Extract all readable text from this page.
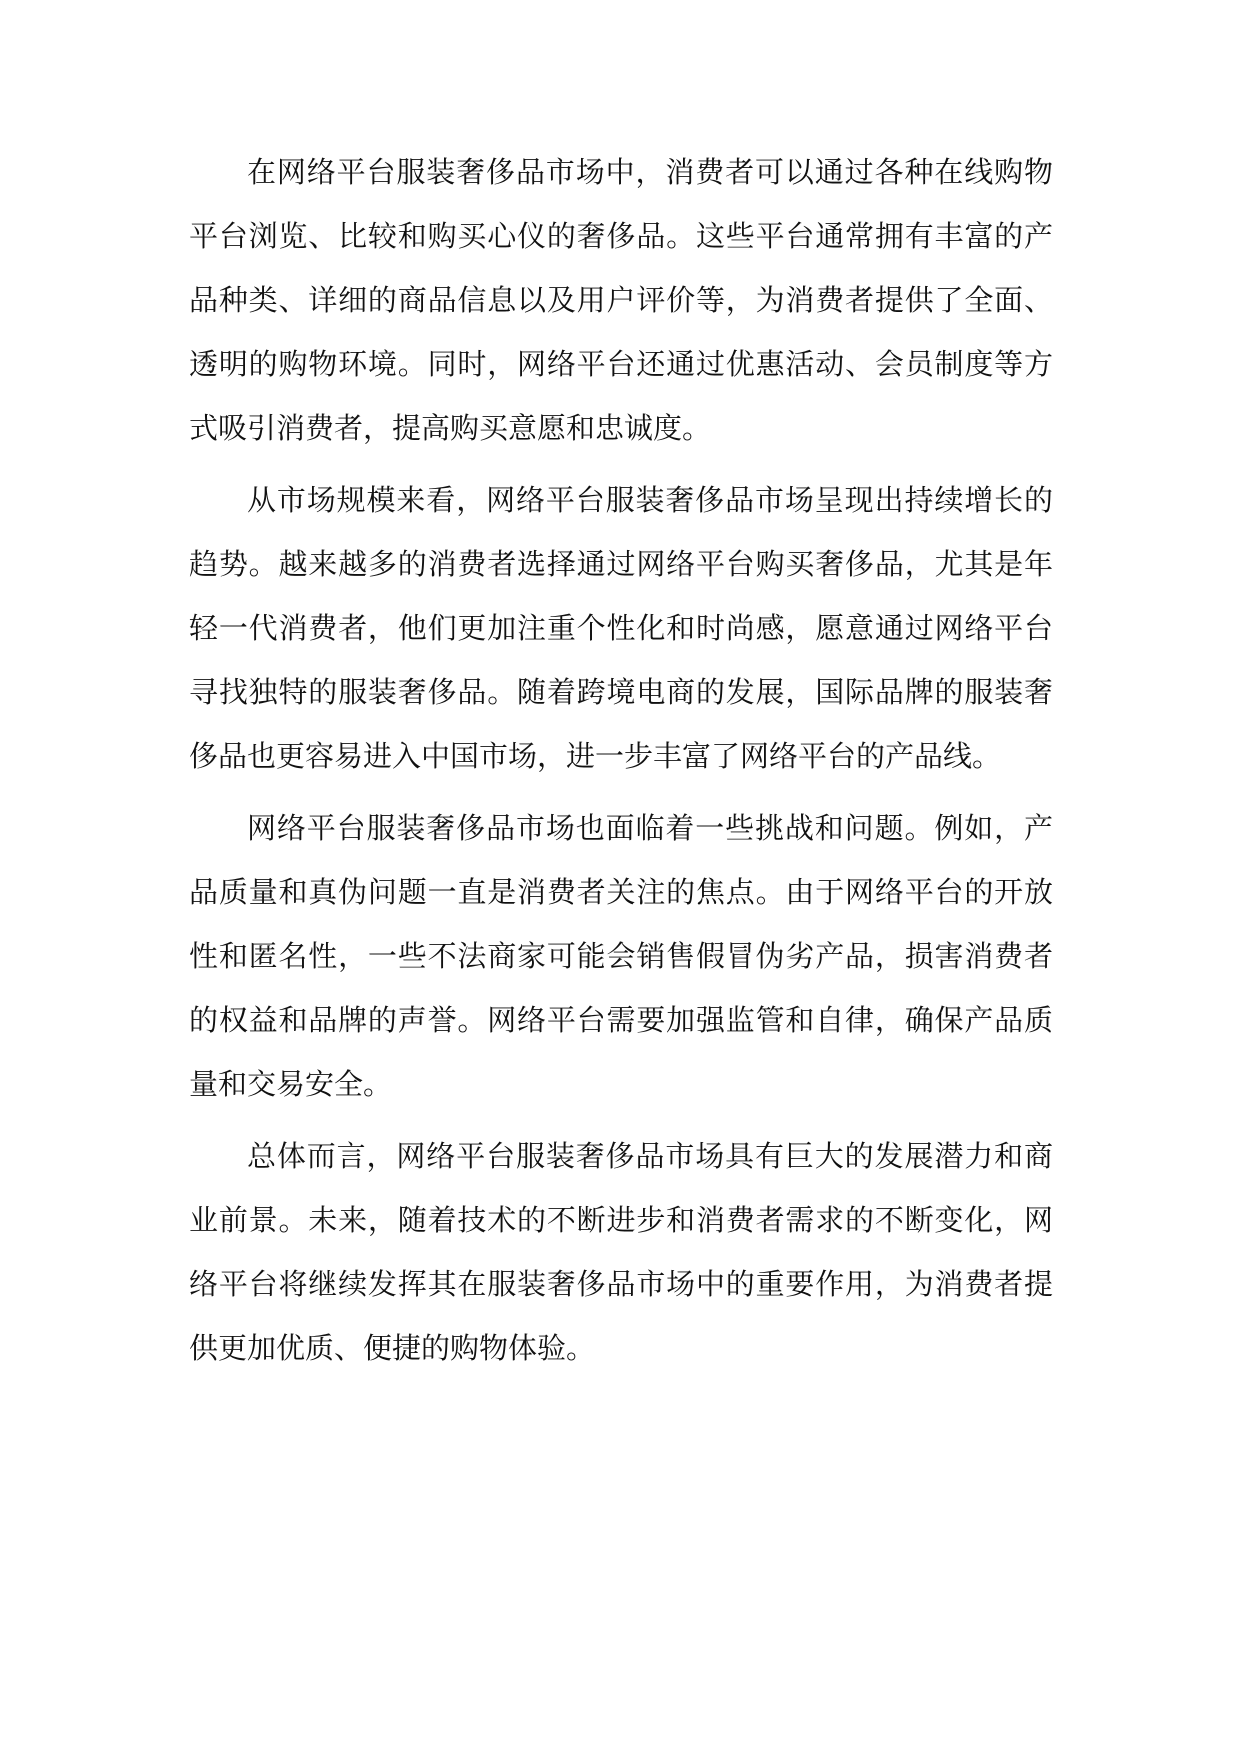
在网络平台服装奢侈品市场中，消费者可以通过各种在线购物平台浏览、比较和购买心仪的奢侈品。这些平台通常拥有丰富的产品种类、详细的商品信息以及用户评价等，为消费者提供了全面、透明的购物环境。同时，网络平台还通过优惠活动、会员制度等方式吸引消费者，提高购买意愿和忠诚度。

从市场规模来看，网络平台服装奢侈品市场呈现出持续增长的趋势。越来越多的消费者选择通过网络平台购买奢侈品，尤其是年轻一代消费者，他们更加注重个性化和时尚感，愿意通过网络平台寻找独特的服装奢侈品。随着跨境电商的发展，国际品牌的服装奢侈品也更容易进入中国市场，进一步丰富了网络平台的产品线。

网络平台服装奢侈品市场也面临着一些挑战和问题。例如，产品质量和真伪问题一直是消费者关注的焦点。由于网络平台的开放性和匿名性，一些不法商家可能会销售假冒伪劣产品，损害消费者的权益和品牌的声誉。网络平台需要加强监管和自律，确保产品质量和交易安全。

总体而言，网络平台服装奢侈品市场具有巨大的发展潜力和商业前景。未来，随着技术的不断进步和消费者需求的不断变化，网络平台将继续发挥其在服装奢侈品市场中的重要作用，为消费者提供更加优质、便捷的购物体验。
